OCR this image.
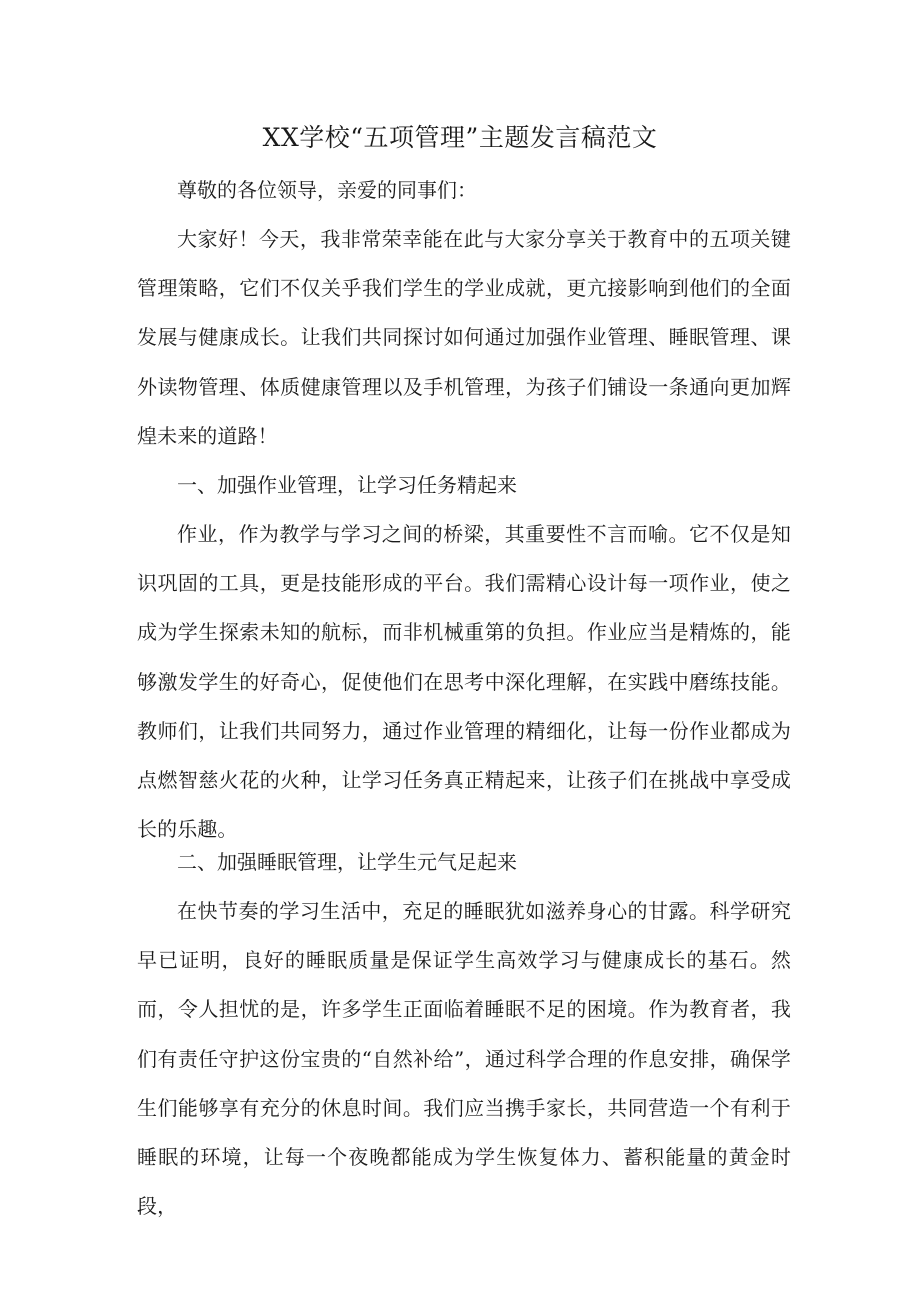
XX学校“五项管理”主题发言稿范文

尊敬的各位领导，亲爱的同事们：

大家好！今天，我非常荣幸能在此与大家分享关于教育中的五项关键管理策略，它们不仅关乎我们学生的学业成就，更亢接影响到他们的全面发展与健康成长。让我们共同探讨如何通过加强作业管理、睡眠管理、课外读物管理、体质健康管理以及手机管理，为孩子们铺设一条通向更加辉煌未来的道路！

一、加强作业管理，让学习任务精起来

作业，作为教学与学习之间的桥梁，其重要性不言而喻。它不仅是知识巩固的工具，更是技能形成的平台。我们需精心设计每一项作业，使之成为学生探索未知的航标，而非机械重第的负担。作业应当是精炼的，能够激发学生的好奇心，促使他们在思考中深化理解，在实践中磨练技能。教师们，让我们共同努力，通过作业管理的精细化，让每一份作业都成为点燃智慈火花的火种，让学习任务真正精起来，让孩子们在挑战中享受成长的乐趣。

二、加强睡眠管理，让学生元气足起来

在快节奏的学习生活中，充足的睡眠犹如滋养身心的甘露。科学研究早已证明，良好的睡眠质量是保证学生高效学习与健康成长的基石。然而，令人担忧的是，许多学生正面临着睡眠不足的困境。作为教育者，我们有责任守护这份宝贵的“自然补给”，通过科学合理的作息安排，确保学生们能够享有充分的休息时间。我们应当携手家长，共同营造一个有利于睡眠的环境，让每一个夜晚都能成为学生恢复体力、蓄积能量的黄金时段，
